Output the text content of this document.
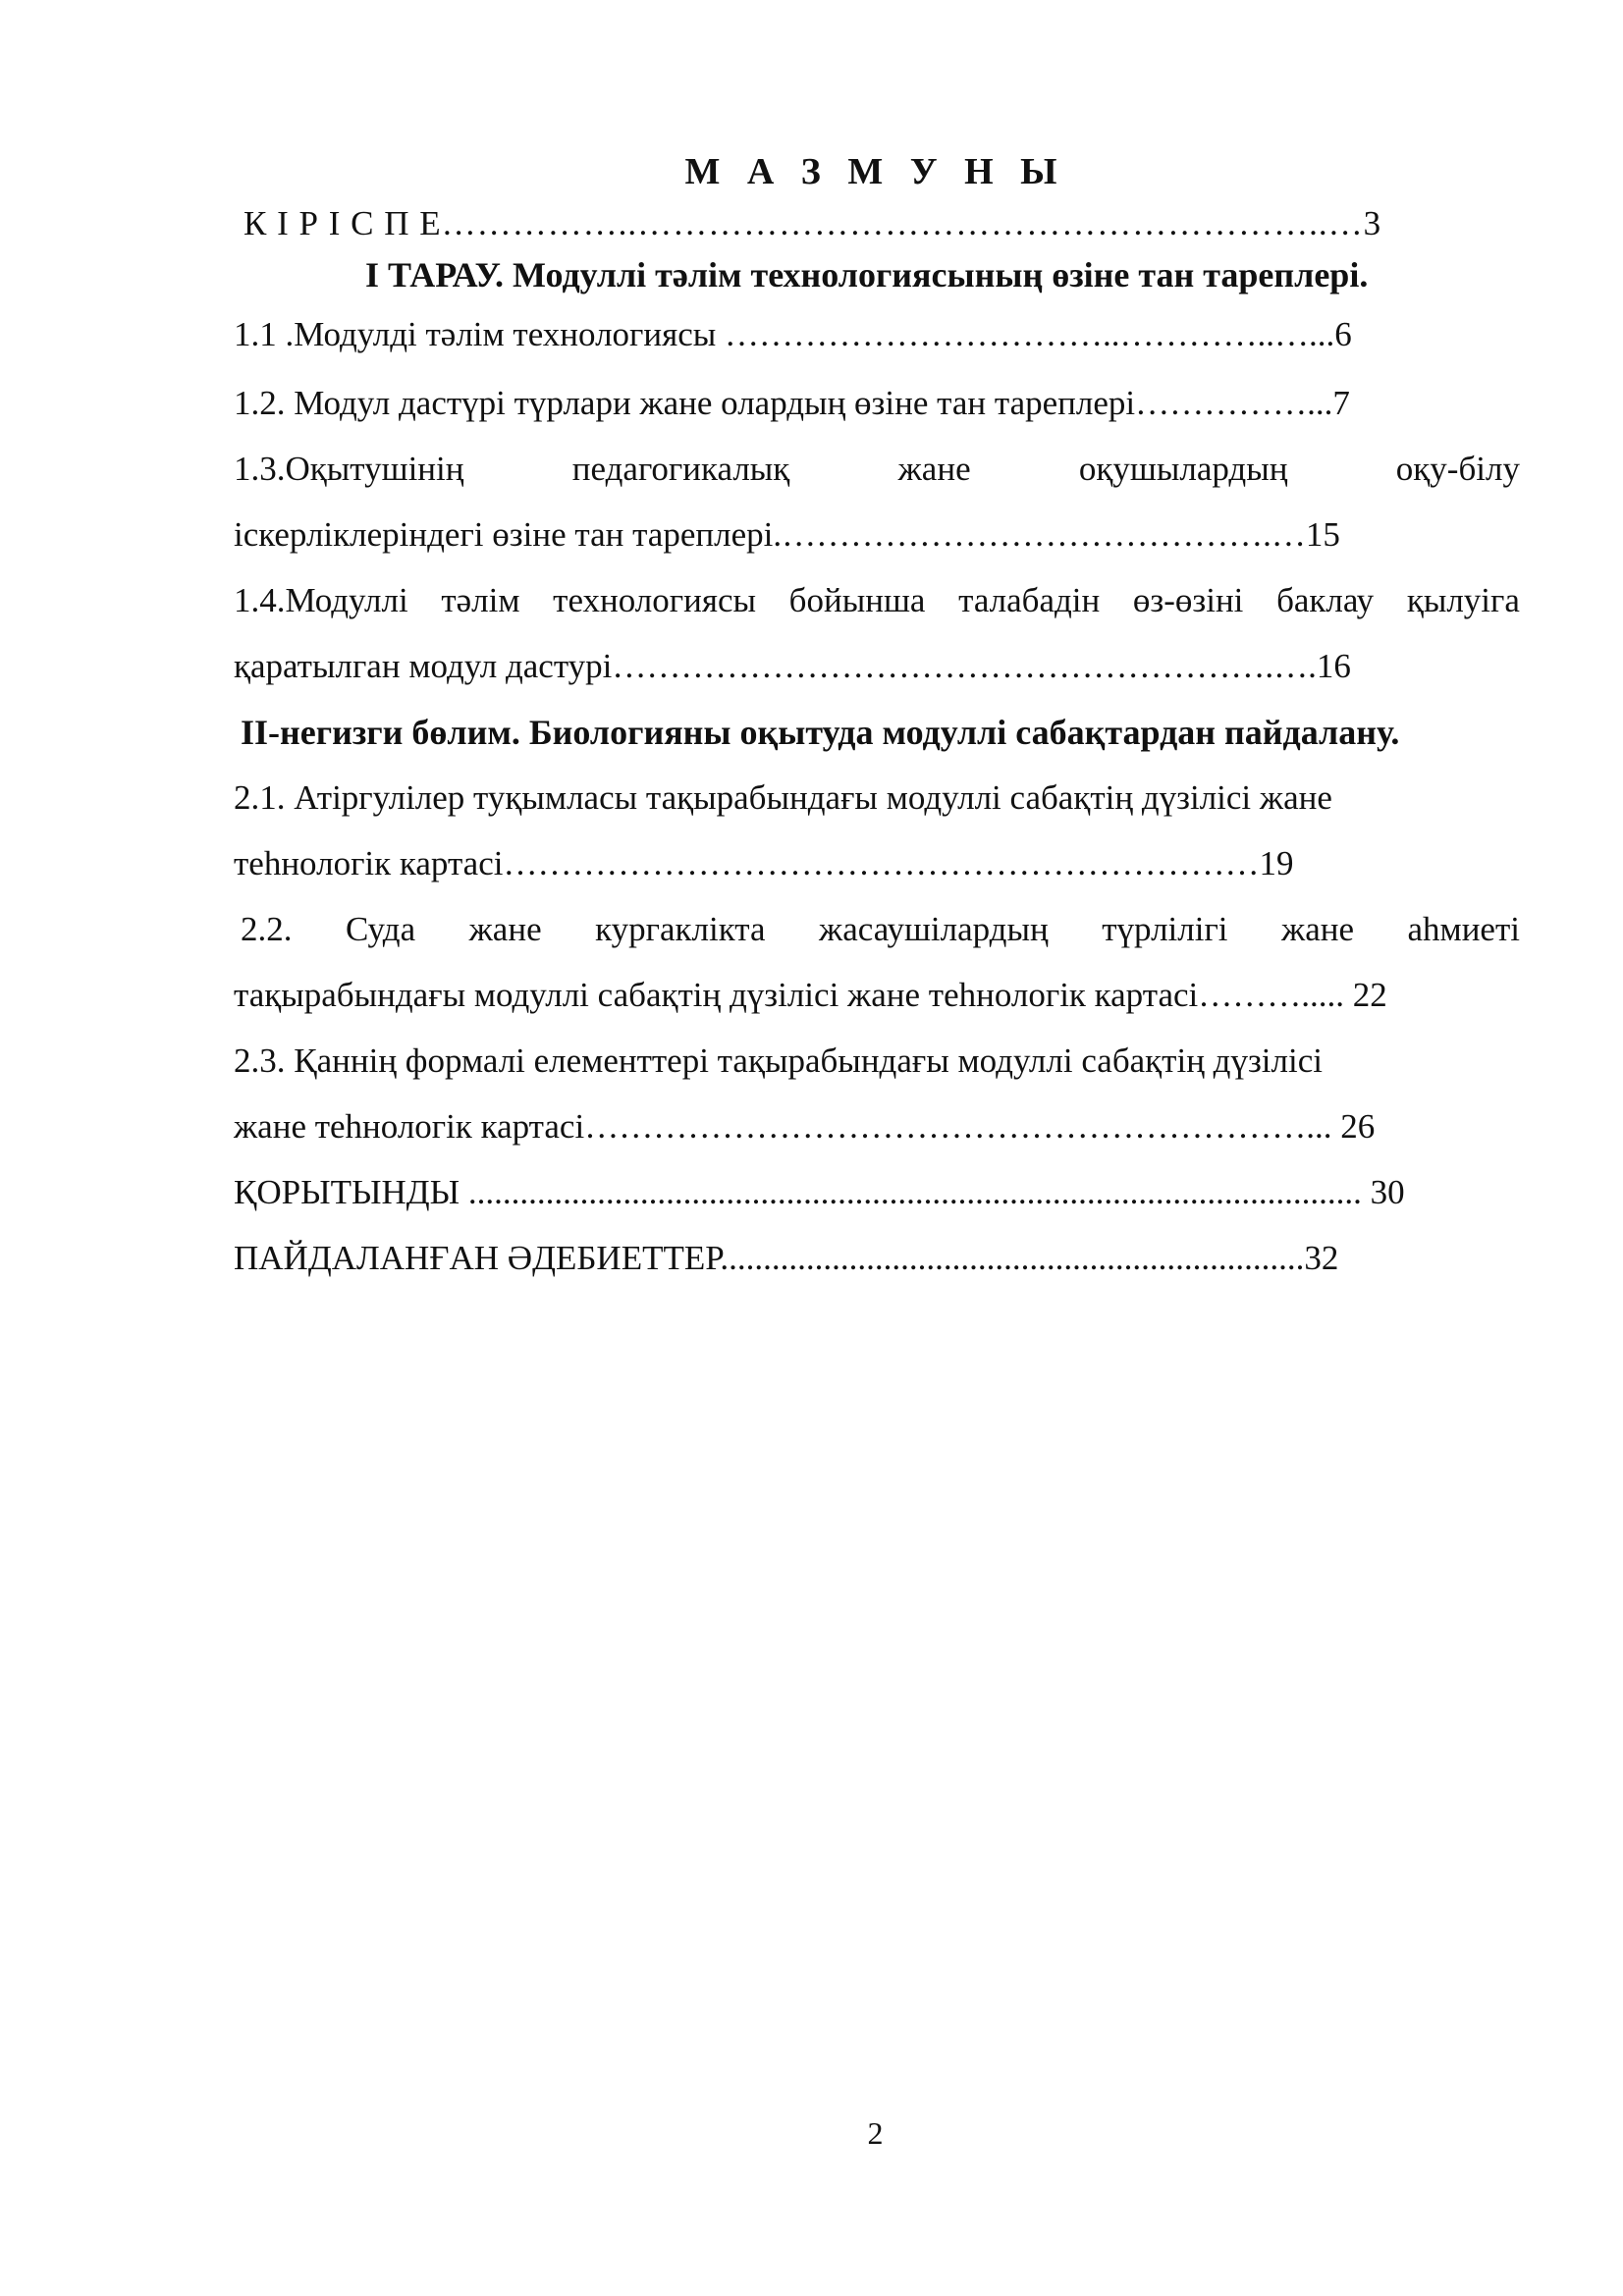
М А З М У Н Ы
К І Р І С П Е……………..…………………………………………………..…3
І ТАРАУ. Модуллі тәлім технологиясының өзіне тан тареплері.
1.1 .Модулді тәлім технологиясы ……………………………..…………..…...6
1.2. Модул дастүрі түрлари жане олардың өзіне тан тареплері……………...7
1.3.Оқытушінің	педагогикалық	жане	оқушылардың	оқу-білу
іскерліклеріндегі өзіне тан тареплері.…………………………………….…15
1.4.Модуллі тәлім технологиясы бойынша талабадін өз-өзіні баклау қылуіга
қаратылган модул дастурі………………………………………………….….16
ІІ-негизги бөлим. Биологияны оқытуда модуллі сабақтардан пайдалану.
2.1. Атіргулілер туқымласы тақырабындағы модуллі сабақтің дүзілісі жане
теһнологік картасі…………………………………………………………19
2.2. Суда жане кургаклікта жасаушілардың түрлілігі жане аһмиеті
тақырабындағы модуллі сабақтің дүзілісі жане теһнологік картасі………..... 22
2.3. Қаннің формалі елементтері тақырабындағы модуллі сабақтің дүзілісі
жане теһнологік картасі………………………………………………………... 26
ҚОРЫТЫНДЫ ........................................................................................................ 30
ПАЙДАЛАНҒАН ӘДЕБИЕТТЕР....................................................................32
2
